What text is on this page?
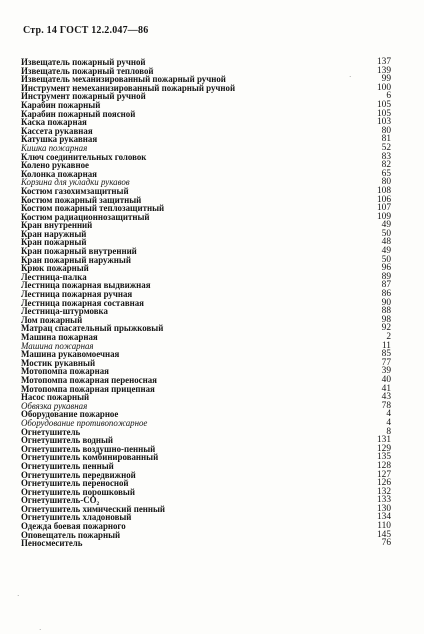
Стр. 14 ГОСТ 12.2.047—86
·
·
·
Извещатель пожарный ручной	137
Извещатель пожарный тепловой	139
Извещатель механизированный пожарный ручной	99
Инструмент немеханизированный пожарный ручной	100
Инструмент пожарный ручной	6
Карабин пожарный	105
Карабин пожарный поясной	105
Каска пожарная	103
Кассета рукавная	80
Катушка рукавная	81
Кишка пожарная	52
Ключ соединительных головок	83
Колено рукавное	82
Колонка пожарная	65
Корзина для укладки рукавов	80
Костюм газохимзащитный	108
Костюм пожарный защитный	106
Костюм пожарный теплозащитный	107
Костюм радиационнозащитный	109
Кран внутренний	49
Кран наружный	50
Кран пожарный	48
Кран пожарный внутренний	49
Кран пожарный наружный	50
Крюк пожарный	96
Лестница-палка	89
Лестница пожарная выдвижная	87
Лестница пожарная ручная	86
Лестница пожарная составная	90
Лестница-штурмовка	88
Лом пожарный	98
Матрац спасательный прыжковый	92
Машина пожарная	2
Машина пожарная	11
Машина рукавомоечная	85
Мостик рукавный	77
Мотопомпа пожарная	39
Мотопомпа пожарная переносная	40
Мотопомпа пожарная прицепная	41
Насос пожарный	43
Обвязка рукавная	78
Оборудование пожарное	4
Оборудование противопожарное	4
Огнетушитель	8
Огнетушитель водный	131
Огнетушитель воздушно-пенный	129
Огнетушитель комбинированный	135
Огнетушитель пенный	128
Огнетушитель передвижной	127
Огнетушитель переносной	126
Огнетушитель порошковый	132
Огнетушитель-CO₂	133
Огнетушитель химический пенный	130
Огнетушитель хладоновый	134
Одежда боевая пожарного	110
Оповещатель пожарный	145
Пеносмеситель	76
